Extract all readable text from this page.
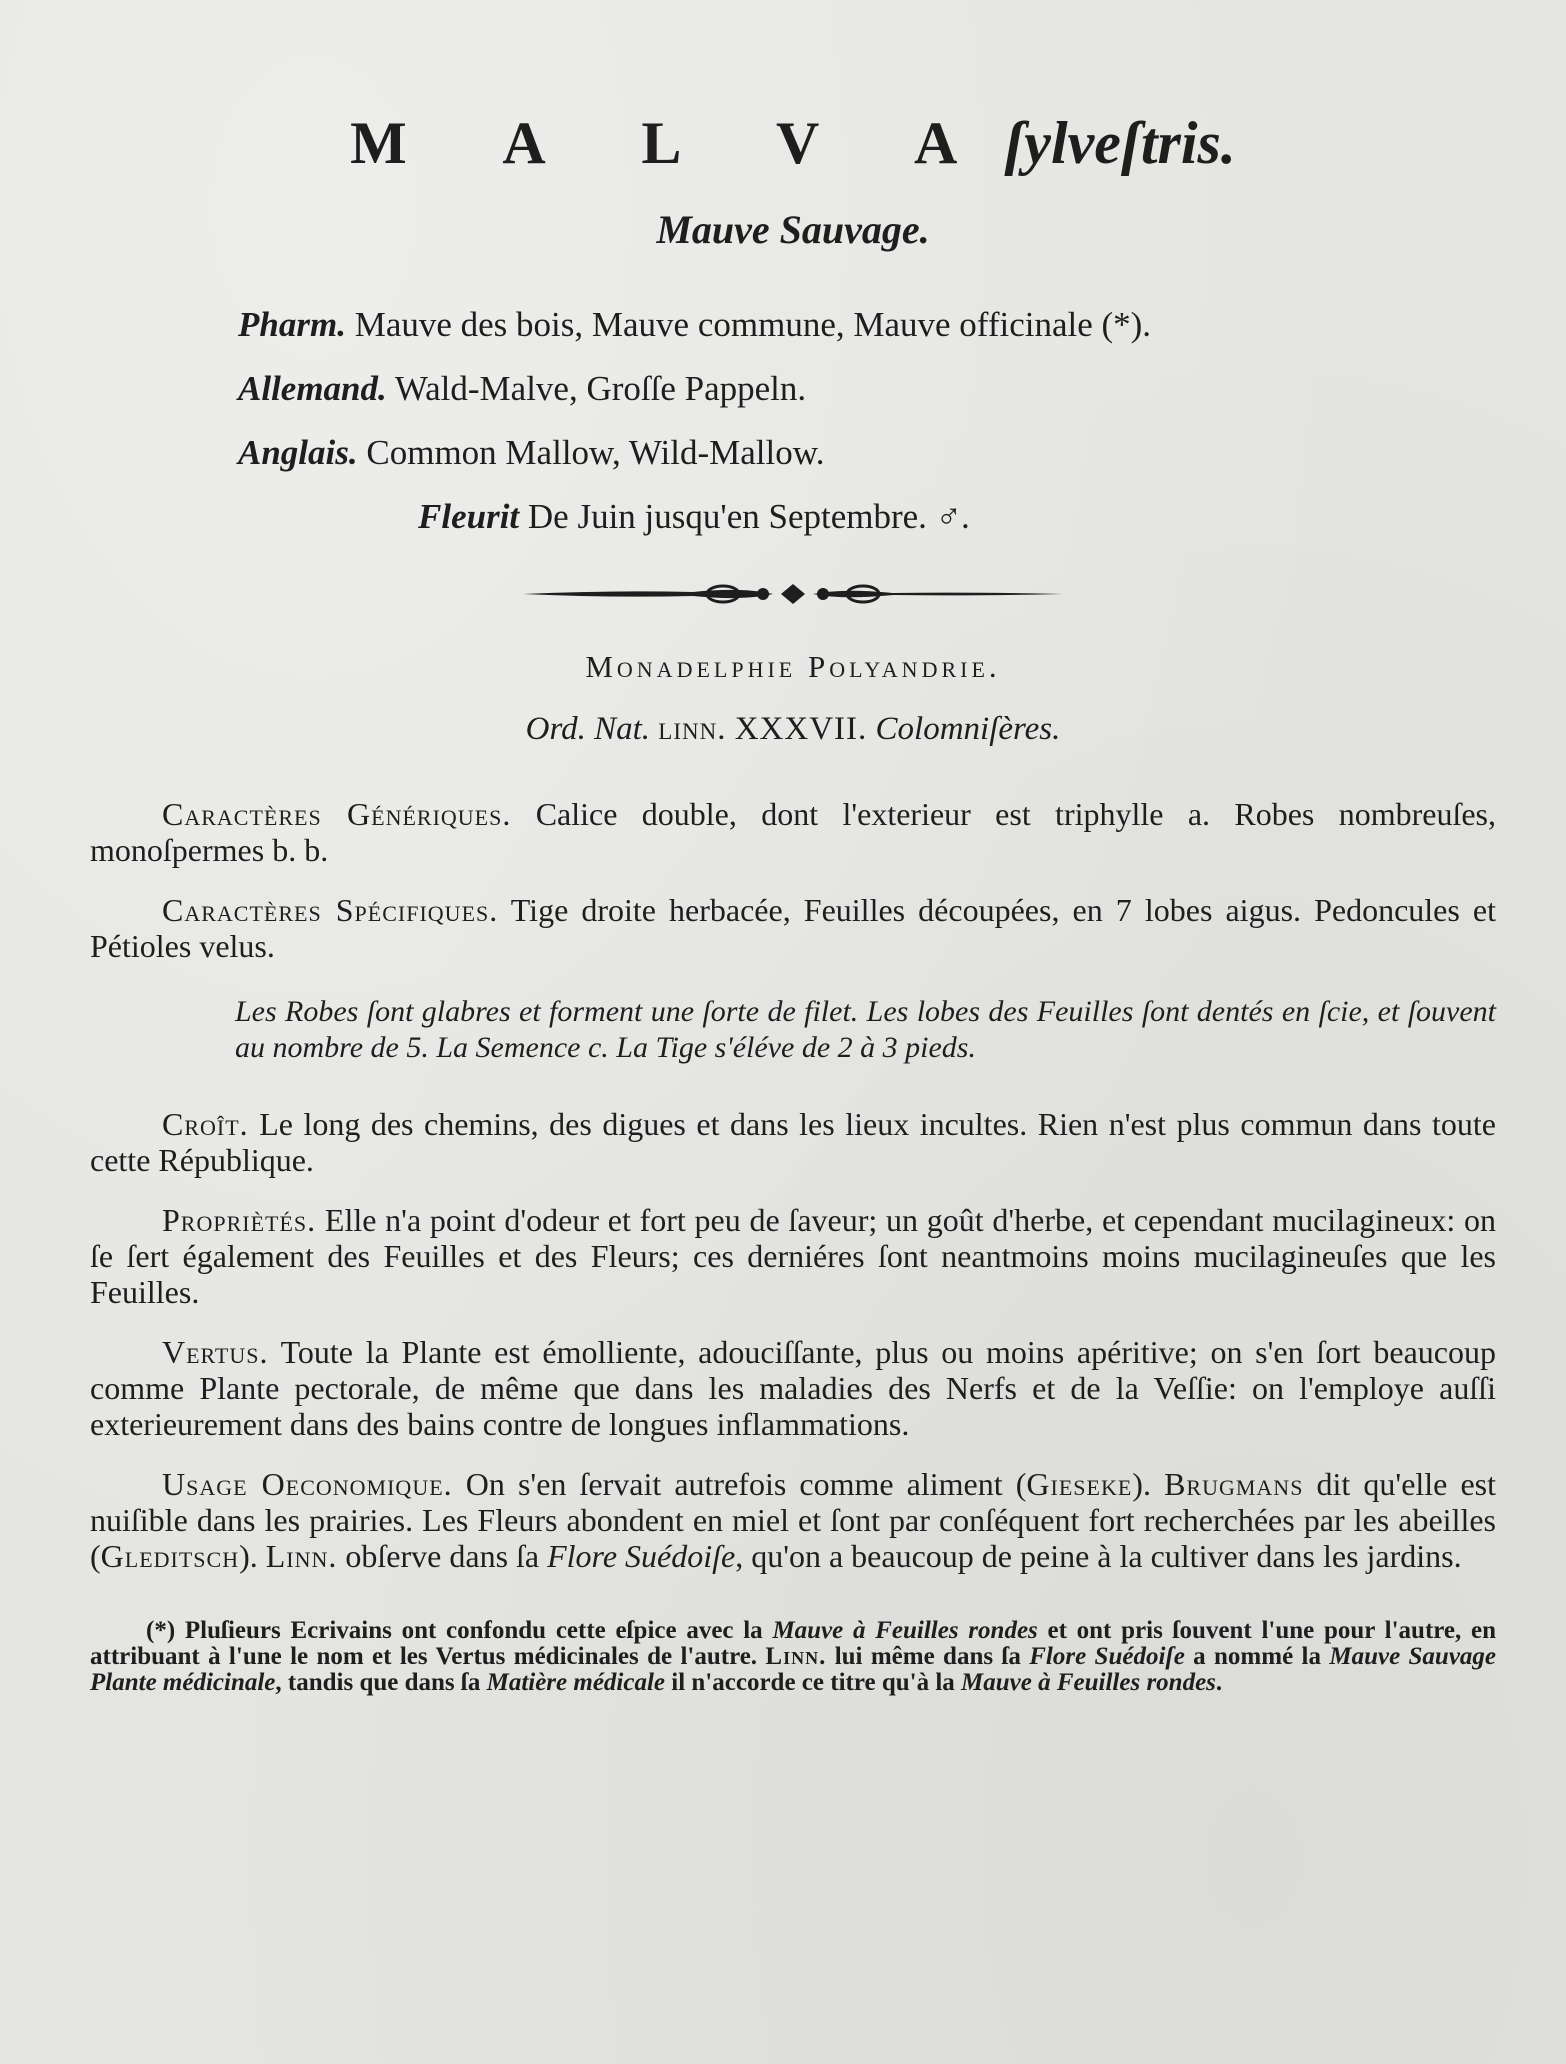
M A L V A ſylveſtris.
Mauve Sauvage.
Pharm. Mauve des bois, Mauve commune, Mauve officinale (*).
Allemand. Wald-Malve, Groſſe Pappeln.
Anglais. Common Mallow, Wild-Mallow.
Fleurit De Juin jusqu'en Septembre. ♂.
Monadelphie Polyandrie.
Ord. Nat. linn. XXXVII. Colomniſères.

Caractères Génériques. Calice double, dont l'exterieur est triphylle a. Robes nombreuſes, monoſpermes b. b.

Caractères Spécifiques. Tige droite herbacée, Feuilles découpées, en 7 lobes aigus. Pedoncules et Pétioles velus.

Les Robes ſont glabres et forment une ſorte de filet. Les lobes des Feuilles ſont dentés en ſcie, et ſouvent au nombre de 5. La Semence c. La Tige s'éléve de 2 à 3 pieds.

Croît. Le long des chemins, des digues et dans les lieux incultes. Rien n'est plus commun dans toute cette République.

Propriètés. Elle n'a point d'odeur et fort peu de ſaveur; un goût d'herbe, et cependant mucilagineux: on ſe ſert également des Feuilles et des Fleurs; ces derniéres ſont neantmoins moins mucilagineuſes que les Feuilles.

Vertus. Toute la Plante est émolliente, adouciſſante, plus ou moins apéritive; on s'en ſort beaucoup comme Plante pectorale, de même que dans les maladies des Nerfs et de la Veſſie: on l'employe auſſi exterieurement dans des bains contre de longues inflammations.

Usage Oeconomique. On s'en ſervait autrefois comme aliment (Gieseke). Brugmans dit qu'elle est nuiſible dans les prairies. Les Fleurs abondent en miel et ſont par conſéquent fort recherchées par les abeilles (Gleditsch). Linn. obſerve dans ſa Flore Suédoiſe, qu'on a beaucoup de peine à la cultiver dans les jardins.

(*) Pluſieurs Ecrivains ont confondu cette eſpice avec la Mauve à Feuilles rondes et ont pris ſouvent l'une pour l'autre, en attribuant à l'une le nom et les Vertus médicinales de l'autre. Linn. lui même dans ſa Flore Suédoiſe a nommé la Mauve Sauvage Plante médicinale, tandis que dans ſa Matière médicale il n'accorde ce titre qu'à la Mauve à Feuilles rondes.
